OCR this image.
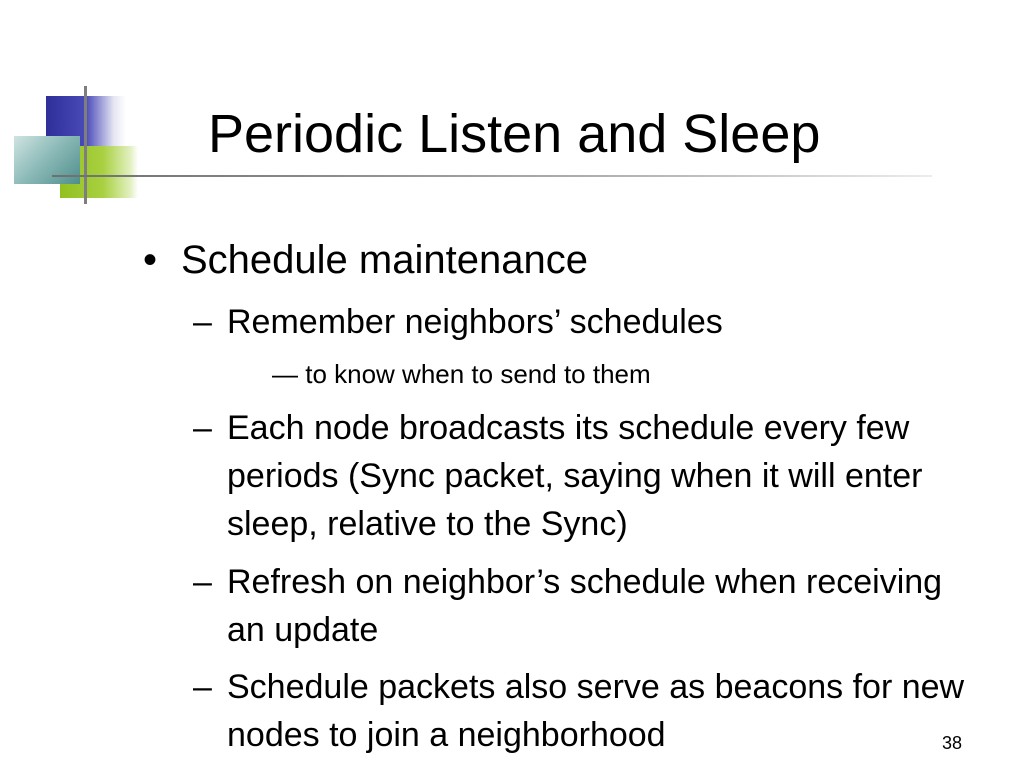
Periodic Listen and Sleep
• Schedule maintenance
– Remember neighbors’ schedules
— to know when to send to them
– Each node broadcasts its schedule every few periods (Sync packet, saying when it will enter sleep, relative to the Sync)
– Refresh on neighbor’s schedule when receiving an update
– Schedule packets also serve as beacons for new nodes to join a neighborhood	38
